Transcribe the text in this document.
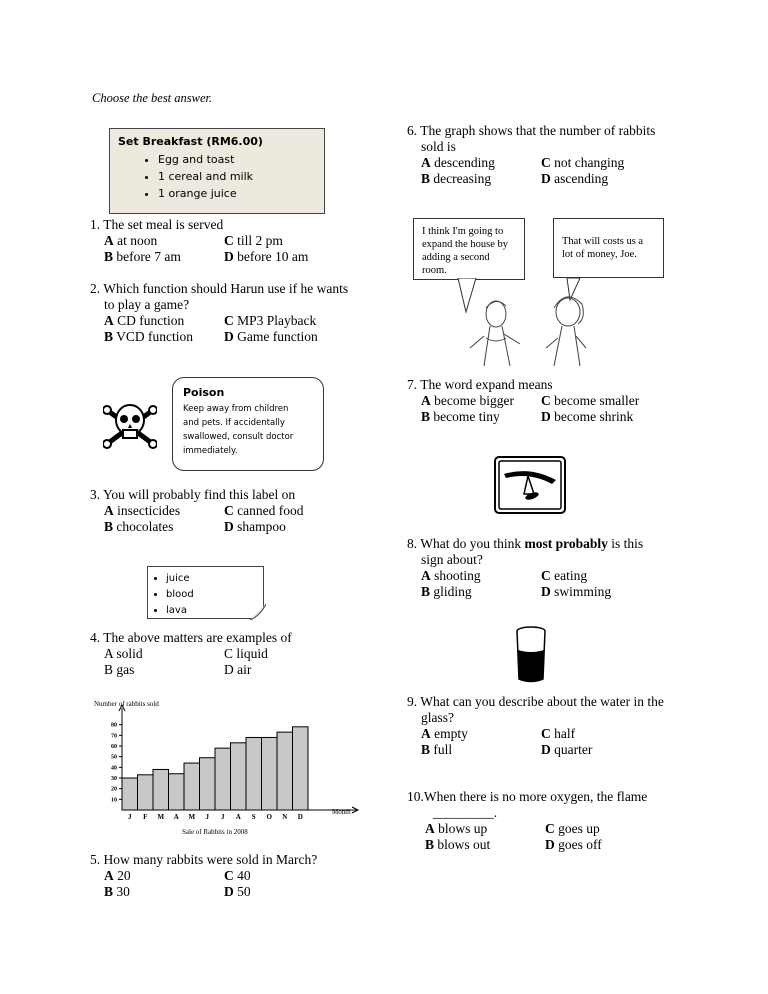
Choose the best answer.
Set Breakfast (RM6.00)
• Egg and toast
• 1 cereal and milk
• 1 orange juice
1. The set meal is served
A at noon	C till 2 pm
B before 7 am	D before 10 am
2. Which function should Harun use if he wants
to play a game?
A CD function	C MP3 Playback
B VCD function	D Game function
Poison
Keep away from children
and pets. If accidentally
swallowed, consult doctor
immediately.
3. You will probably find this label on
A insecticides	C canned food
B chocolates	D shampoo
• juice
• blood
• lava
4. The above matters are examples of
A solid	C liquid
B gas	D air
Number of rabbits sold
Month
Sale of Rabbits in 2008
J F M A M J J A S O N D
10
20
30
40
50
60
70
80
5. How many rabbits were sold in March?
A 20	C 40
B 30	D 50
6. The graph shows that the number of rabbits
sold is
A descending	C not changing
B decreasing	D ascending
I think I'm going to expand the house by adding a second room.
That will costs us a lot of money, Joe.
7. The word expand means
A become bigger	C become smaller
B become tiny	D become shrink
8. What do you think most probably is this
sign about?
A shooting	C eating
B gliding	D swimming
9. What can you describe about the water in the
glass?
A empty	C half
B full	D quarter
10.When there is no more oxygen, the flame
_________.
A blows up	C goes up
B blows out	D goes off
